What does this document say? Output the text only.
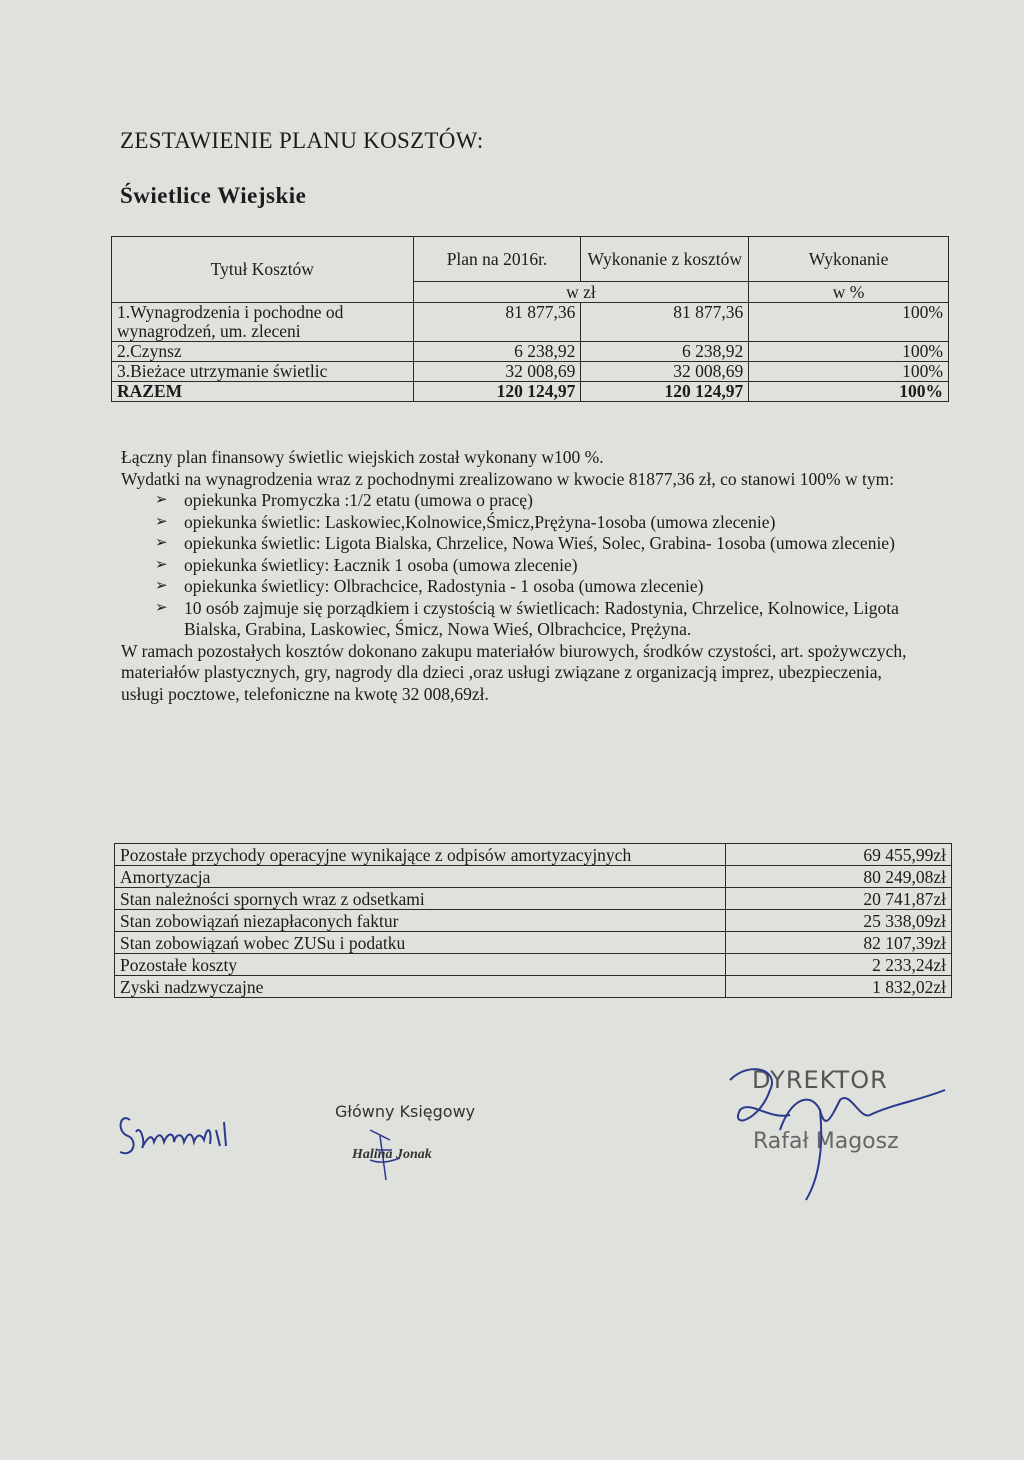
ZESTAWIENIE PLANU KOSZTÓW:
Świetlice Wiejskie
Tytuł Kosztów	Plan na 2016r.	Wykonanie z kosztów	Wykonanie
	w zł		w %
1.Wynagrodzenia i pochodne od wynagrodzeń, um. zleceni	81 877,36	81 877,36	100%
2.Czynsz	6 238,92	6 238,92	100%
3.Bieżace utrzymanie świetlic	32 008,69	32 008,69	100%
RAZEM	120 124,97	120 124,97	100%

Łączny plan finansowy świetlic wiejskich został wykonany w100 %.

Wydatki na wynagrodzenia wraz z pochodnymi zrealizowano w kwocie 81877,36 zł, co stanowi 100% w tym:

➢ opiekunka Promyczka :1/2 etatu (umowa o pracę)
➢ opiekunka świetlic: Laskowiec,Kolnowice,Śmicz,Prężyna-1osoba (umowa zlecenie)
➢ opiekunka świetlic: Ligota Bialska, Chrzelice, Nowa Wieś, Solec, Grabina- 1osoba (umowa zlecenie)
➢ opiekunka świetlicy: Łacznik 1 osoba (umowa zlecenie)
➢ opiekunka świetlicy: Olbrachcice, Radostynia - 1 osoba (umowa zlecenie)
➢ 10 osób zajmuje się porządkiem i czystością w świetlicach: Radostynia, Chrzelice, Kolnowice, Ligota Bialska, Grabina, Laskowiec, Śmicz, Nowa Wieś, Olbrachcice, Prężyna.

W ramach pozostałych kosztów dokonano zakupu materiałów biurowych, środków czystości, art. spożywczych, materiałów plastycznych, gry, nagrody dla dzieci ,oraz usługi związane z organizacją imprez, ubezpieczenia, usługi pocztowe, telefoniczne na kwotę 32 008,69zł.

Pozostałe przychody operacyjne wynikające z odpisów amortyzacyjnych	69 455,99zł
Amortyzacja	80 249,08zł
Stan należności spornych wraz z odsetkami	20 741,87zł
Stan zobowiązań niezapłaconych faktur	25 338,09zł
Stan zobowiązań wobec ZUSu i podatku	82 107,39zł
Pozostałe koszty	2 233,24zł
Zyski nadzwyczajne	1 832,02zł
Główny Księgowy
Halina Jonak
DYREKTOR
Rafał Magosz
